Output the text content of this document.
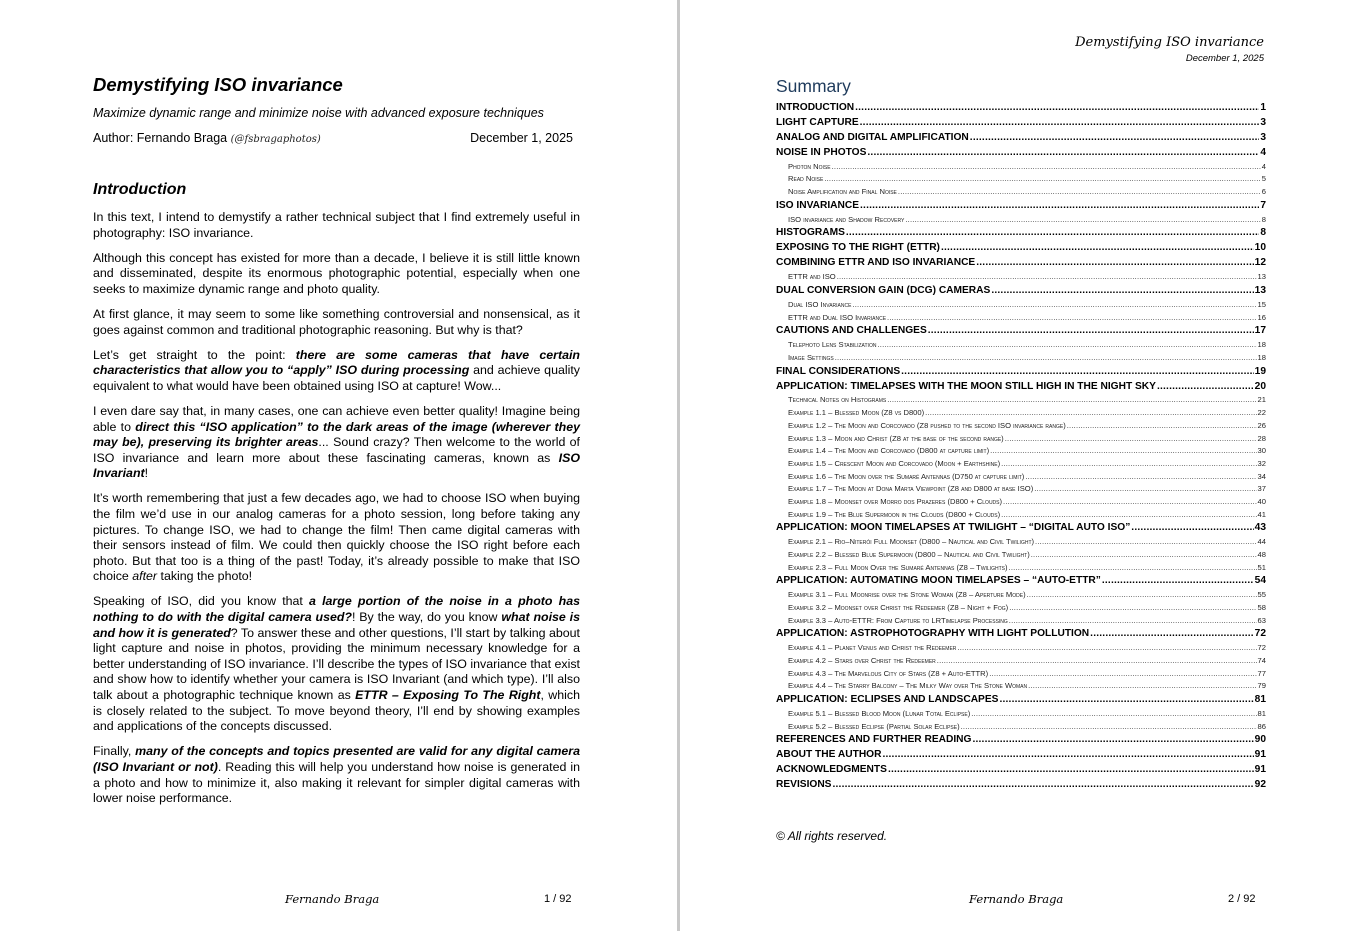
Demystifying ISO invariance
Maximize dynamic range and minimize noise with advanced exposure techniques
Author: Fernando Braga (@fsbragaphotos)	December 1, 2025
Introduction

In this text, I intend to demystify a rather technical subject that I find extremely useful in photography: ISO invariance.

Although this concept has existed for more than a decade, I believe it is still little known and disseminated, despite its enormous photographic potential, especially when one seeks to maximize dynamic range and photo quality.

At first glance, it may seem to some like something controversial and nonsensical, as it goes against common and traditional photographic reasoning. But why is that?

Let’s get straight to the point: there are some cameras that have certain characteristics that allow you to “apply” ISO during processing and achieve quality equivalent to what would have been obtained using ISO at capture! Wow...

I even dare say that, in many cases, one can achieve even better quality! Imagine being able to direct this “ISO application” to the dark areas of the image (wherever they may be), preserving its brighter areas... Sound crazy? Then welcome to the world of ISO invariance and learn more about these fascinating cameras, known as ISO Invariant!

It’s worth remembering that just a few decades ago, we had to choose ISO when buying the film we’d use in our analog cameras for a photo session, long before taking any pictures. To change ISO, we had to change the film! Then came digital cameras with their sensors instead of film. We could then quickly choose the ISO right before each photo. But that too is a thing of the past! Today, it’s already possible to make that ISO choice after taking the photo!

Speaking of ISO, did you know that a large portion of the noise in a photo has nothing to do with the digital camera used?! By the way, do you know what noise is and how it is generated? To answer these and other questions, I’ll start by talking about light capture and noise in photos, providing the minimum necessary knowledge for a better understanding of ISO invariance. I’ll describe the types of ISO invariance that exist and show how to identify whether your camera is ISO Invariant (and which type). I’ll also talk about a photographic technique known as ETTR – Exposing To The Right, which is closely related to the subject. To move beyond theory, I’ll end by showing examples and applications of the concepts discussed.

Finally, many of the concepts and topics presented are valid for any digital camera (ISO Invariant or not). Reading this will help you understand how noise is generated in a photo and how to minimize it, also making it relevant for simpler digital cameras with lower noise performance.

Fernando Braga	1 / 92
Demystifying ISO invariance
December 1, 2025
Summary
INTRODUCTION .....	1
LIGHT CAPTURE .....	3
ANALOG AND DIGITAL AMPLIFICATION .....	3
NOISE IN PHOTOS .....	4
Photon Noise .....	4
Read Noise .....	5
Noise Amplification and Final Noise .....	6
ISO INVARIANCE .....	7
ISO invariance and Shadow Recovery .....	8
HISTOGRAMS .....	8
EXPOSING TO THE RIGHT (ETTR) .....	10
COMBINING ETTR AND ISO INVARIANCE .....	12
ETTR and ISO .....	13
DUAL CONVERSION GAIN (DCG) CAMERAS .....	13
Dual ISO Invariance .....	15
ETTR and Dual ISO Invariance .....	16
CAUTIONS AND CHALLENGES .....	17
Telephoto Lens Stabilization .....	18
Image Settings .....	18
FINAL CONSIDERATIONS .....	19
APPLICATION: TIMELAPSES WITH THE MOON STILL HIGH IN THE NIGHT SKY .....	20
Technical Notes on Histograms .....	21
Example 1.1 – Blessed Moon (Z8 vs D800) .....	22
Example 1.2 – The Moon and Corcovado (Z8 pushed to the second ISO invariance range) .....	26
Example 1.3 – Moon and Christ (Z8 at the base of the second range) .....	28
Example 1.4 – The Moon and Corcovado (D800 at capture limit) .....	30
Example 1.5 – Crescent Moon and Corcovado (Moon + Earthshine) .....	32
Example 1.6 – The Moon over the Sumaré Antennas (D750 at capture limit) .....	34
Example 1.7 – The Moon at Dona Marta Viewpoint (Z8 and D800 at base ISO) .....	37
Example 1.8 – Moonset over Morro dos Prazeres (D800 + Clouds) .....	40
Example 1.9 – The Blue Supermoon in the Clouds (D800 + Clouds) .....	41
APPLICATION: MOON TIMELAPSES AT TWILIGHT – “DIGITAL AUTO ISO” .....	43
Example 2.1 – Rio–Niterói Full Moonset (D800 – Nautical and Civil Twilight) .....	44
Example 2.2 – Blessed Blue Supermoon (D800 – Nautical and Civil Twilight) .....	48
Example 2.3 – Full Moon Over the Sumaré Antennas (Z8 – Twilights) .....	51
APPLICATION: AUTOMATING MOON TIMELAPSES – “AUTO-ETTR” .....	54
Example 3.1 – Full Moonrise over the Stone Woman (Z8 – Aperture Mode) .....	55
Example 3.2 – Moonset over Christ the Redeemer (Z8 – Night + Fog) .....	58
Example 3.3 – Auto-ETTR: From Capture to LRTimelapse Processing .....	63
APPLICATION: ASTROPHOTOGRAPHY WITH LIGHT POLLUTION .....	72
Example 4.1 – Planet Venus and Christ the Redeemer .....	72
Example 4.2 – Stars over Christ the Redeemer .....	74
Example 4.3 – The Marvelous City of Stars (Z8 + Auto-ETTR) .....	77
Example 4.4 – The Starry Balcony – The Milky Way over The Stone Woman .....	79
APPLICATION: ECLIPSES AND LANDSCAPES .....	81
Example 5.1 – Blessed Blood Moon (Lunar Total Eclipse) .....	81
Example 5.2 – Blessed Eclipse (Partial Solar Eclipse) .....	86
REFERENCES AND FURTHER READING .....	90
ABOUT THE AUTHOR .....	91
ACKNOWLEDGMENTS .....	91
REVISIONS .....	92
© All rights reserved.
Fernando Braga	2 / 92
